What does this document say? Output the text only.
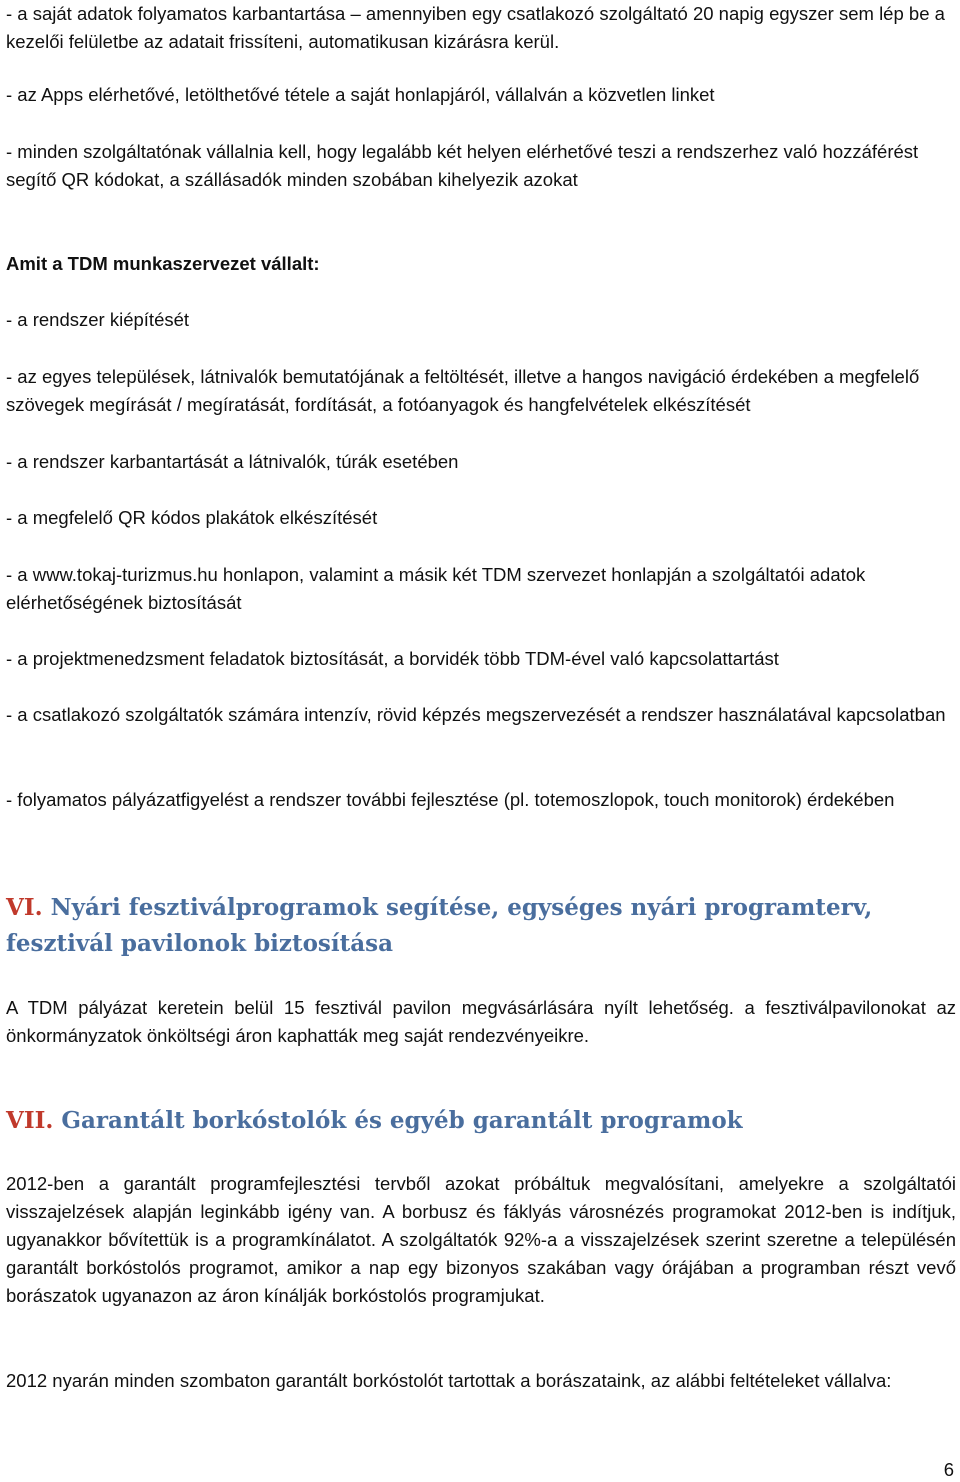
- a saját adatok folyamatos karbantartása – amennyiben egy csatlakozó szolgáltató 20 napig egyszer sem lép be a kezelői felületbe az adatait frissíteni, automatikusan kizárásra kerül.

- az Apps elérhetővé, letölthetővé tétele a saját honlapjáról, vállalván a közvetlen linket

- minden szolgáltatónak vállalnia kell, hogy legalább két helyen elérhetővé teszi a rendszerhez való hozzáférést segítő QR kódokat, a szállásadók minden szobában kihelyezik azokat

Amit a TDM munkaszervezet vállalt:

- a rendszer kiépítését

- az egyes települések, látnivalók bemutatójának a feltöltését, illetve a hangos navigáció érdekében a megfelelő szövegek megírását / megíratását, fordítását, a fotóanyagok és hangfelvételek elkészítését

- a rendszer karbantartását a látnivalók, túrák esetében

- a megfelelő QR kódos plakátok elkészítését

- a www.tokaj-turizmus.hu honlapon, valamint a másik két TDM szervezet honlapján a szolgáltatói adatok elérhetőségének biztosítását

- a projektmenedzsment feladatok biztosítását, a borvidék több TDM-ével való kapcsolattartást

- a csatlakozó szolgáltatók számára intenzív, rövid képzés megszervezését a rendszer használatával kapcsolatban

- folyamatos pályázatfigyelést a rendszer további fejlesztése (pl. totemoszlopok, touch monitorok) érdekében

VI. Nyári fesztiválprogramok segítése, egységes nyári programterv, fesztivál pavilonok biztosítása

A TDM pályázat keretein belül 15 fesztivál pavilon megvásárlására nyílt lehetőség. a fesztiválpavilonokat az önkormányzatok önköltségi áron kaphatták meg saját rendezvényeikre.

VII. Garantált borkóstolók és egyéb garantált programok

2012-ben a garantált programfejlesztési tervből azokat próbáltuk megvalósítani, amelyekre a szolgáltatói visszajelzések alapján leginkább igény van. A borbusz és fáklyás városnézés programokat 2012-ben is indítjuk, ugyanakkor bővítettük is a programkínálatot. A szolgáltatók 92%-a a visszajelzések szerint szeretne a településén garantált borkóstolós programot, amikor a nap egy bizonyos szakában vagy órájában a programban részt vevő borászatok ugyanazon az áron kínálják borkóstolós programjukat.

2012 nyarán minden szombaton garantált borkóstolót tartottak a borászataink, az alábbi feltételeket vállalva:

6
